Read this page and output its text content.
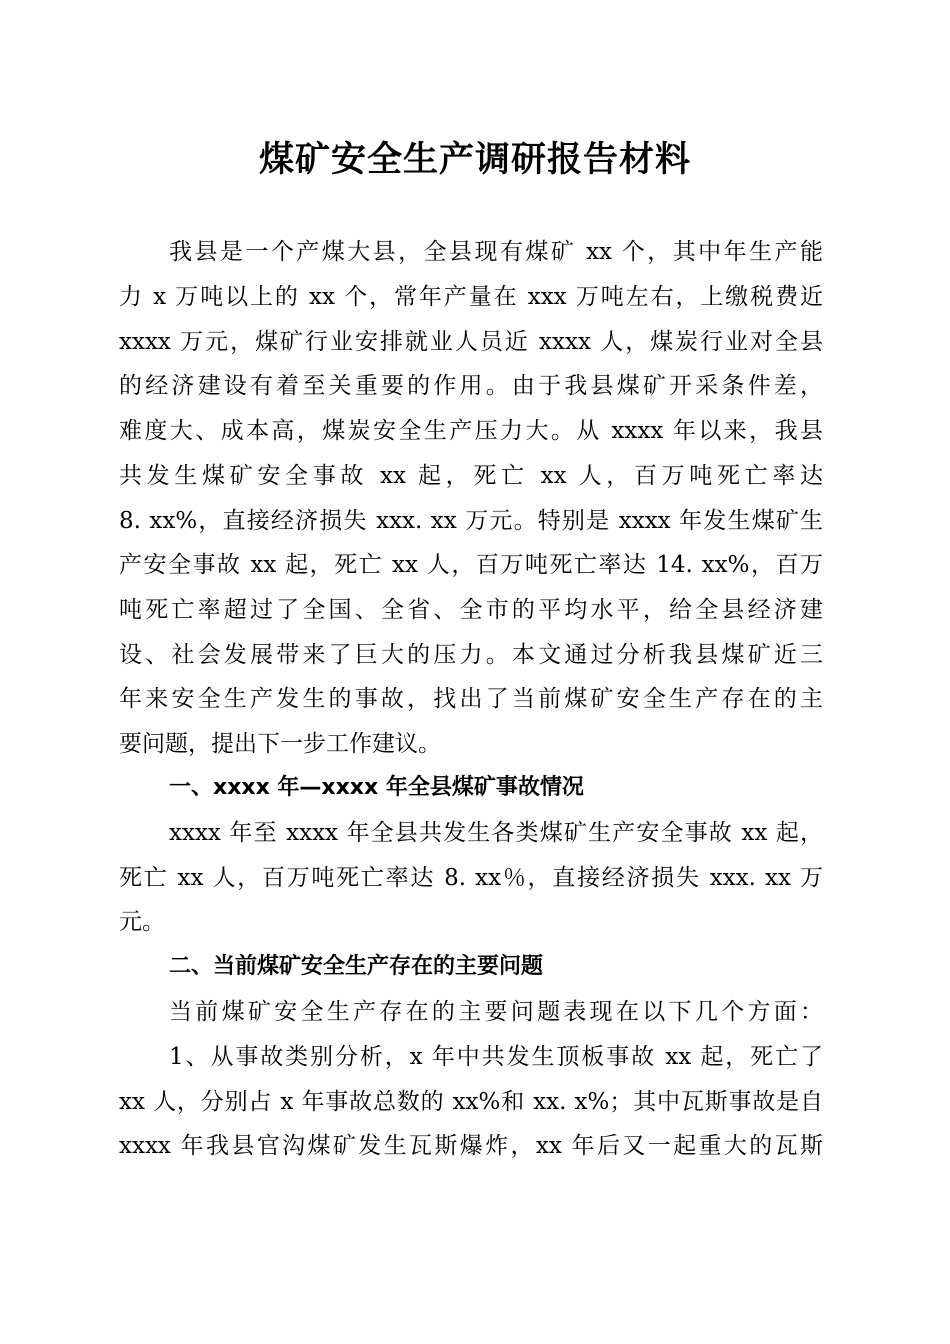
煤矿安全生产调研报告材料
我县是一个产煤大县，全县现有煤矿 xx 个，其中年生产能
力 x 万吨以上的 xx 个，常年产量在 xxx 万吨左右，上缴税费近
xxxx 万元，煤矿行业安排就业人员近 xxxx 人，煤炭行业对全县
的经济建设有着至关重要的作用。由于我县煤矿开采条件差，
难度大、成本高，煤炭安全生产压力大。从 xxxx 年以来，我县
共发生煤矿安全事故 xx 起，死亡 xx 人，百万吨死亡率达
8. xx%，直接经济损失 xxx. xx 万元。特别是 xxxx 年发生煤矿生
产安全事故 xx 起，死亡 xx 人，百万吨死亡率达 14. xx%，百万
吨死亡率超过了全国、全省、全市的平均水平，给全县经济建
设、社会发展带来了巨大的压力。本文通过分析我县煤矿近三
年来安全生产发生的事故，找出了当前煤矿安全生产存在的主
要问题，提出下一步工作建议。
一、xxxx 年—xxxx 年全县煤矿事故情况
xxxx 年至 xxxx 年全县共发生各类煤矿生产安全事故 xx 起，
死亡 xx 人，百万吨死亡率达 8. xx％，直接经济损失 xxx. xx 万
元。
二、当前煤矿安全生产存在的主要问题
当前煤矿安全生产存在的主要问题表现在以下几个方面：
1、从事故类别分析，x 年中共发生顶板事故 xx 起，死亡了
xx 人，分别占 x 年事故总数的 xx%和 xx. x%；其中瓦斯事故是自
xxxx 年我县官沟煤矿发生瓦斯爆炸，xx 年后又一起重大的瓦斯
